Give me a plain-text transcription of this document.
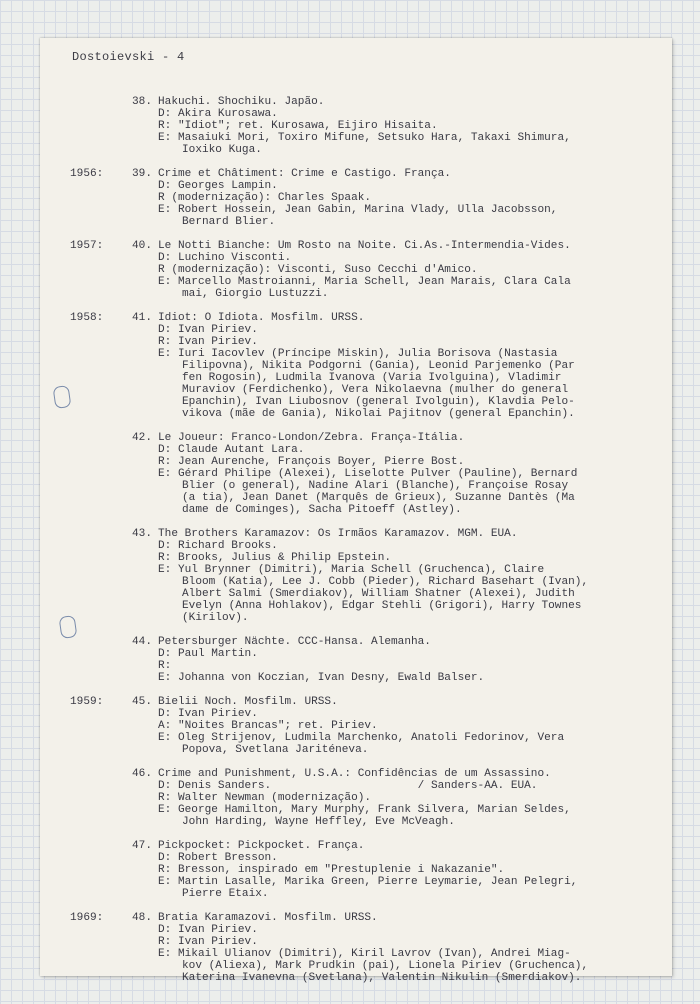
Dostoievski - 4
38. Hakuchi. Shochiku. Japão.
D: Akira Kurosawa.
R: "Idiot"; ret. Kurosawa, Eijiro Hisaita.
E: Masaiuki Mori, Toxiro Mifune, Setsuko Hara, Takaxi Shimura,
Ioxiko Kuga.
1956:	39. Crime et Châtiment: Crime e Castigo. França.
D: Georges Lampin.
R (modernização): Charles Spaak.
E: Robert Hossein, Jean Gabin, Marina Vlady, Ulla Jacobsson,
Bernard Blier.
1957:	40. Le Notti Bianche: Um Rosto na Noite. Ci.As.-Intermendia-Vides.
D: Luchino Visconti.
R (modernização): Visconti, Suso Cecchi d'Amico.
E: Marcello Mastroianni, Maria Schell, Jean Marais, Clara Cala
mai, Giorgio Lustuzzi.
1958:	41. Idiot: O Idiota. Mosfilm. URSS.
D: Ivan Piriev.
R: Ivan Piriev.
E: Iuri Iacovlev (Príncipe Miskin), Julia Borisova (Nastasia
Filipovna), Nikita Podgorni (Gania), Leonid Parjemenko (Par
fen Rogosin), Ludmila Ivanova (Varia Ivolguina), Vladimir
Muraviov (Ferdichenko), Vera Nikolaevna (mulher do general
Epanchin), Ivan Liubosnov (general Ivolguin), Klavdia Pelo-
vikova (mãe de Gania), Nikolai Pajitnov (general Epanchin).
42. Le Joueur: Franco-London/Zebra. França-Itália.
D: Claude Autant Lara.
R: Jean Aurenche, François Boyer, Pierre Bost.
E: Gérard Philipe (Alexei), Liselotte Pulver (Pauline), Bernard
Blier (o general), Nadine Alari (Blanche), Françoise Rosay
(a tia), Jean Danet (Marquês de Grieux), Suzanne Dantès (Ma
dame de Cominges), Sacha Pitoeff (Astley).
43. The Brothers Karamazov: Os Irmãos Karamazov. MGM. EUA.
D: Richard Brooks.
R: Brooks, Julius & Philip Epstein.
E: Yul Brynner (Dimitri), Maria Schell (Gruchenca), Claire
Bloom (Katia), Lee J. Cobb (Pieder), Richard Basehart (Ivan),
Albert Salmi (Smerdiakov), William Shatner (Alexei), Judith
Evelyn (Anna Hohlakov), Edgar Stehli (Grigori), Harry Townes
(Kirilov).
44. Petersburger Nächte. CCC-Hansa. Alemanha.
D: Paul Martin.
R:
E: Johanna von Koczian, Ivan Desny, Ewald Balser.
1959:	45. Bielii Noch. Mosfilm. URSS.
D: Ivan Piriev.
A: "Noites Brancas"; ret. Piriev.
E: Oleg Strijenov, Ludmila Marchenko, Anatoli Fedorinov, Vera
Popova, Svetlana Jariténeva.
46. Crime and Punishment, U.S.A.: Confidências de um Assassino.
D: Denis Sanders.                      / Sanders-AA. EUA.
R: Walter Newman (modernização).
E: George Hamilton, Mary Murphy, Frank Silvera, Marian Seldes,
John Harding, Wayne Heffley, Eve McVeagh.
47. Pickpocket: Pickpocket. França.
D: Robert Bresson.
R: Bresson, inspirado em "Prestuplenie i Nakazanie".
E: Martin Lasalle, Marika Green, Pierre Leymarie, Jean Pelegri,
Pierre Etaix.
1969:	48. Bratia Karamazovi. Mosfilm. URSS.
D: Ivan Piriev.
R: Ivan Piriev.
E: Mikail Ulianov (Dimitri), Kiril Lavrov (Ivan), Andrei Miag-
kov (Aliexa), Mark Prudkin (pai), Lionela Piriev (Gruchenca),
Katerina Ivanevna (Svetlana), Valentin Nikulin (Smerdiakov).
